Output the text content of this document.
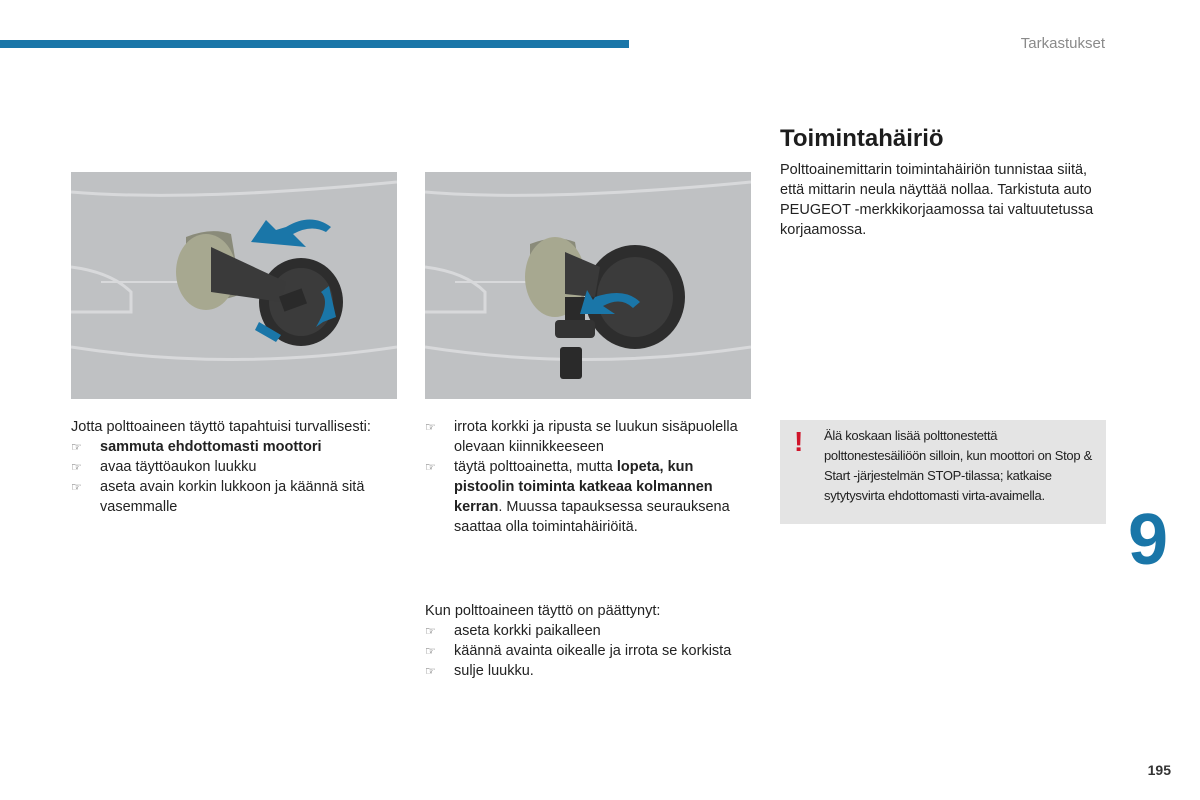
Tarkastukset

Jotta polttoaineen täyttö tapahtuisi turvallisesti:

☞ sammuta ehdottomasti moottori
☞ avaa täyttöaukon luukku
☞ aseta avain korkin lukkoon ja käännä sitä vasemmalle
☞ irrota korkki ja ripusta se luukun sisäpuolella olevaan kiinnikkeeseen
☞ täytä polttoainetta, mutta lopeta, kun pistoolin toiminta katkeaa kolmannen kerran. Muussa tapauksessa seurauksena saattaa olla toimintahäiriöitä.

Kun polttoaineen täyttö on päättynyt:

☞ aseta korkki paikalleen
☞ käännä avainta oikealle ja irrota se korkista
☞ sulje luukku.
Toimintahäiriö

Polttoainemittarin toimintahäiriön tunnistaa siitä, että mittarin neula näyttää nollaa. Tarkistuta auto PEUGEOT -merkkikorjaamossa tai valtuutetussa korjaamossa.

! Älä koskaan lisää polttonestettä polttonestesäiliöön silloin, kun moottori on Stop & Start -järjestelmän STOP-tilassa; katkaise sytytysvirta ehdottomasti virta-avaimella.
9
195
